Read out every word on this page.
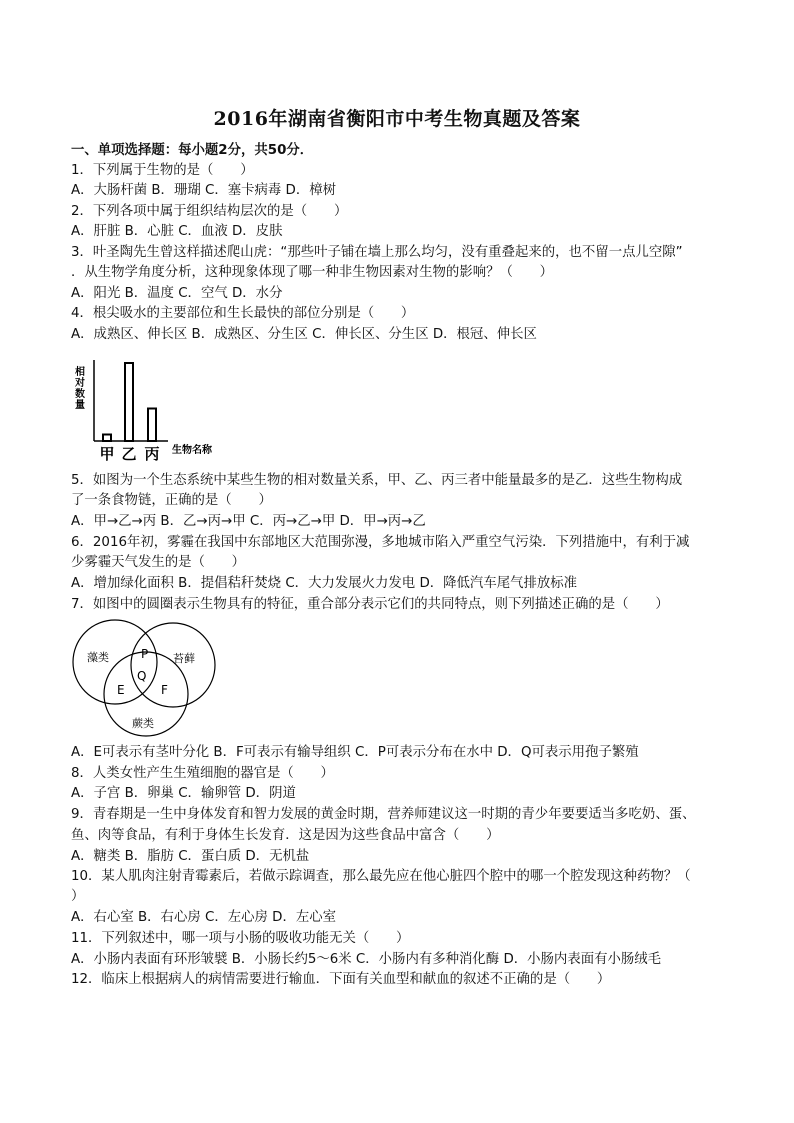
2016年湖南省衡阳市中考生物真题及答案
一、单项选择题：每小题2分，共50分．
1．下列属于生物的是（　　）
A．大肠杆菌 B．珊瑚 C．塞卡病毒 D．樟树
2．下列各项中属于组织结构层次的是（　　）
A．肝脏 B．心脏 C．血液 D．皮肤
3．叶圣陶先生曾这样描述爬山虎：“那些叶子铺在墙上那么均匀，没有重叠起来的，也不留一点儿空隙”
．从生物学角度分析，这种现象体现了哪一种非生物因素对生物的影响？（　　）
A．阳光 B．温度 C．空气 D．水分
4．根尖吸水的主要部位和生长最快的部位分别是（　　）
A．成熟区、伸长区 B．成熟区、分生区 C．伸长区、分生区 D．根冠、伸长区
相
对
数
量
甲 乙 丙 生物名称
5．如图为一个生态系统中某些生物的相对数量关系，甲、乙、丙三者中能量最多的是乙．这些生物构成
了一条食物链，正确的是（　　）
A．甲→乙→丙 B．乙→丙→甲 C．丙→乙→甲 D．甲→丙→乙
6．2016年初，雾霾在我国中东部地区大范围弥漫，多地城市陷入严重空气污染．下列措施中，有利于减
少雾霾天气发生的是（　　）
A．增加绿化面积 B．提倡秸秆焚烧 C．大力发展火力发电 D．降低汽车尾气排放标准
7．如图中的圆圈表示生物具有的特征，重合部分表示它们的共同特点，则下列描述正确的是（　　）
藻类	苔藓
蕨类
P
Q
E	F
A．E可表示有茎叶分化 B．F可表示有输导组织 C．P可表示分布在水中 D．Q可表示用孢子繁殖
8．人类女性产生生殖细胞的器官是（　　）
A．子宫 B．卵巢 C．输卵管 D．阴道
9．青春期是一生中身体发育和智力发展的黄金时期，营养师建议这一时期的青少年要要适当多吃奶、蛋、
鱼、肉等食品，有利于身体生长发育．这是因为这些食品中富含（　　）
A．糖类 B．脂肪 C．蛋白质 D．无机盐
10．某人肌肉注射青霉素后，若做示踪调查，那么最先应在他心脏四个腔中的哪一个腔发现这种药物？（
）
A．右心室 B．右心房 C．左心房 D．左心室
11．下列叙述中，哪一项与小肠的吸收功能无关（　　）
A．小肠内表面有环形皱襞 B．小肠长约5～6米 C．小肠内有多种消化酶 D．小肠内表面有小肠绒毛
12．临床上根据病人的病情需要进行输血．下面有关血型和献血的叙述不正确的是（　　）
